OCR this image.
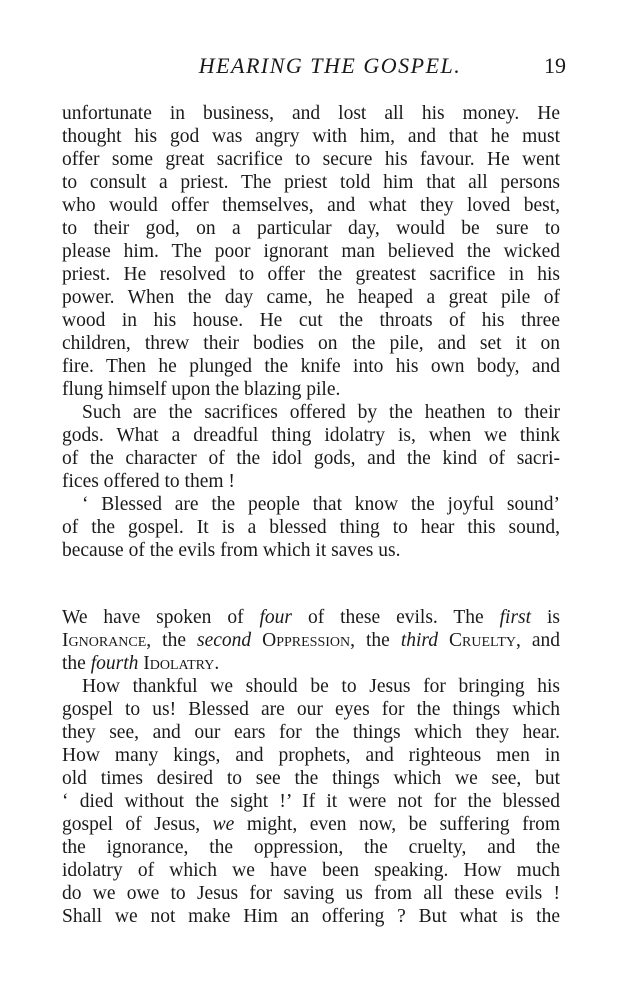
HEARING THE GOSPEL.	19
unfortunate in business, and lost all his money. He
thought his god was angry with him, and that he must
offer some great sacrifice to secure his favour. He went
to consult a priest. The priest told him that all persons
who would offer themselves, and what they loved best,
to their god, on a particular day, would be sure to
please him. The poor ignorant man believed the wicked
priest. He resolved to offer the greatest sacrifice in his
power. When the day came, he heaped a great pile of
wood in his house. He cut the throats of his three
children, threw their bodies on the pile, and set it on
fire. Then he plunged the knife into his own body, and
flung himself upon the blazing pile.
Such are the sacrifices offered by the heathen to their
gods. What a dreadful thing idolatry is, when we think
of the character of the idol gods, and the kind of sacri-
fices offered to them !
‘ Blessed are the people that know the joyful sound’
of the gospel. It is a blessed thing to hear this sound,
because of the evils from which it saves us.
We have spoken of four of these evils. The first is
Ignorance, the second Oppression, the third Cruelty, and
the fourth Idolatry.
How thankful we should be to Jesus for bringing his
gospel to us! Blessed are our eyes for the things which
they see, and our ears for the things which they hear.
How many kings, and prophets, and righteous men in
old times desired to see the things which we see, but
‘ died without the sight !’ If it were not for the blessed
gospel of Jesus, we might, even now, be suffering from
the ignorance, the oppression, the cruelty, and the
idolatry of which we have been speaking. How much
do we owe to Jesus for saving us from all these evils !
Shall we not make Him an offering ? But what is the
